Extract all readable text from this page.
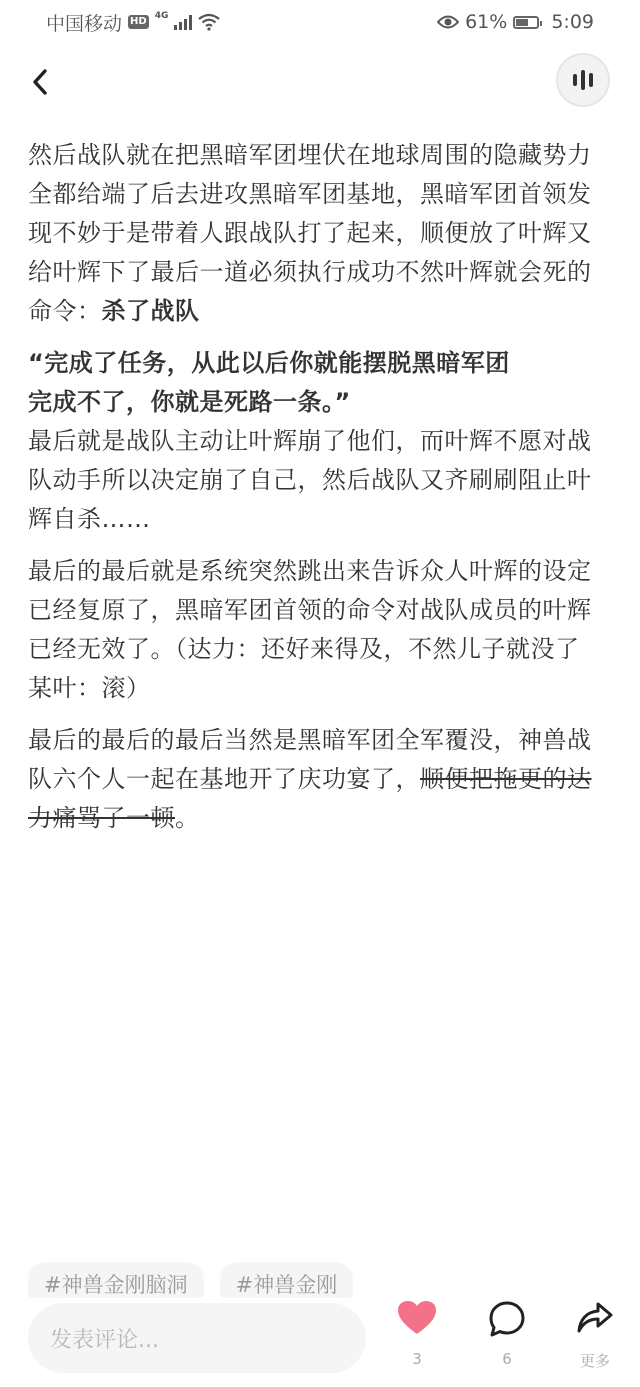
中国移动 HD 4G	61% 5:09

然后战队就在把黑暗军团埋伏在地球周围的隐藏势力全都给端了后去进攻黑暗军团基地，黑暗军团首领发现不妙于是带着人跟战队打了起来，顺便放了叶辉又给叶辉下了最后一道必须执行成功不然叶辉就会死的命令：杀了战队

“完成了任务，从此以后你就能摆脱黑暗军团

完成不了，你就是死路一条。”

最后就是战队主动让叶辉崩了他们，而叶辉不愿对战队动手所以决定崩了自己，然后战队又齐刷刷阻止叶辉自杀……

最后的最后就是系统突然跳出来告诉众人叶辉的设定已经复原了，黑暗军团首领的命令对战队成员的叶辉已经无效了。（达力：还好来得及，不然儿子就没了　某叶：滚）

最后的最后的最后当然是黑暗军团全军覆没，神兽战队六个人一起在基地开了庆功宴了，顺便把拖更的达力痛骂了一顿。

#神兽金刚脑洞	#神兽金刚
发表评论...
3	6	更多
